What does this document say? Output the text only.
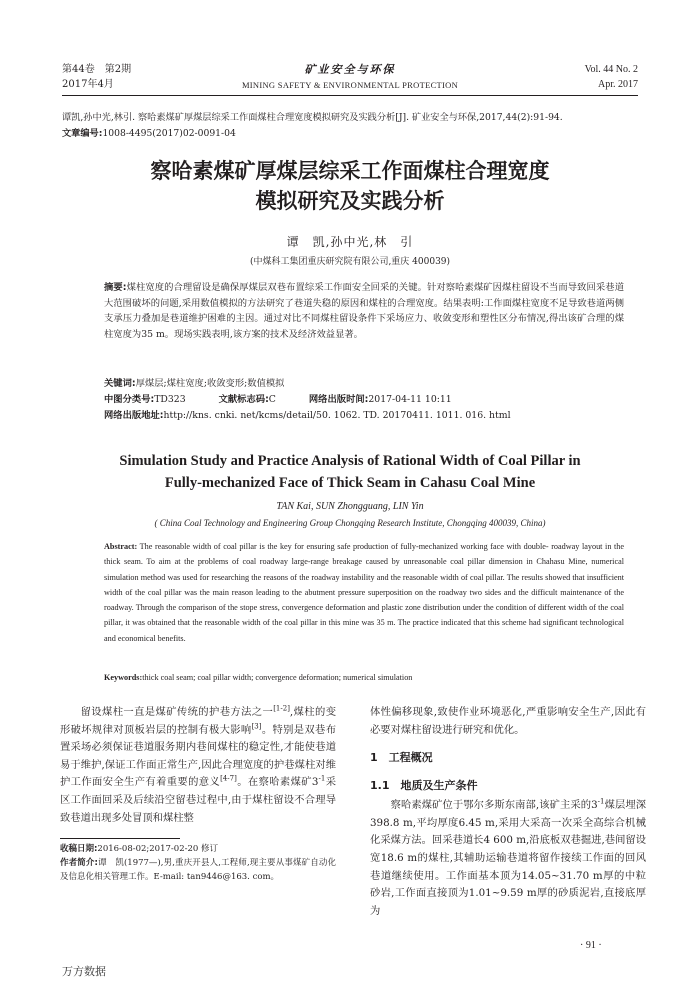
第44卷　第2期
2017年4月
矿业安全与环保
MINING SAFETY & ENVIRONMENTAL PROTECTION
Vol. 44 No. 2
Apr. 2017
谭凯,孙中光,林引. 察哈素煤矿厚煤层综采工作面煤柱合理宽度模拟研究及实践分析[J]. 矿业安全与环保,2017,44(2):91-94.
文章编号:1008-4495(2017)02-0091-04
察哈素煤矿厚煤层综采工作面煤柱合理宽度
模拟研究及实践分析
谭　凯,孙中光,林　引
(中煤科工集团重庆研究院有限公司,重庆 400039)
摘要:煤柱宽度的合理留设是确保厚煤层双巷布置综采工作面安全回采的关键。针对察哈素煤矿因煤柱留设不当而导致回采巷道大范围破坏的问题,采用数值模拟的方法研究了巷道失稳的原因和煤柱的合理宽度。结果表明:工作面煤柱宽度不足导致巷道两侧支承压力叠加是巷道维护困难的主因。通过对比不同煤柱留设条件下采场应力、收敛变形和塑性区分布情况,得出该矿合理的煤柱宽度为35 m。现场实践表明,该方案的技术及经济效益显著。
关键词:厚煤层;煤柱宽度;收敛变形;数值模拟
中图分类号:TD323	文献标志码:C	网络出版时间:2017-04-11 10:11
网络出版地址:http://kns. cnki. net/kcms/detail/50. 1062. TD. 20170411. 1011. 016. html
Simulation Study and Practice Analysis of Rational Width of Coal Pillar in
Fully-mechanized Face of Thick Seam in Cahasu Coal Mine
TAN Kai, SUN Zhongguang, LIN Yin
( China Coal Technology and Engineering Group Chongqing Research Institute, Chongqing 400039, China)
Abstract: The reasonable width of coal pillar is the key for ensuring safe production of fully-mechanized working face with double- roadway layout in the thick seam. To aim at the problems of coal roadway large-range breakage caused by unreasonable coal pillar dimension in Chahasu Mine, numerical simulation method was used for researching the reasons of the roadway instability and the reasonable width of coal pillar. The results showed that insufficient width of the coal pillar was the main reason leading to the abutment pressure superposition on the roadway two sides and the difficult maintenance of the roadway. Through the comparison of the stope stress, convergence deformation and plastic zone distribution under the condition of different width of the coal pillar, it was obtained that the reasonable width of the coal pillar in this mine was 35 m. The practice indicated that this scheme had significant technological and economical benefits.
Keywords:thick coal seam; coal pillar width; convergence deformation; numerical simulation

留设煤柱一直是煤矿传统的护巷方法之一[1-2],煤柱的变形破坏规律对顶板岩层的控制有极大影响[3]。特别是双巷布置采场必须保证巷道服务期内巷间煤柱的稳定性,才能使巷道易于维护,保证工作面正常生产,因此合理宽度的护巷煤柱对维护工作面安全生产有着重要的意义[4-7]。在察哈素煤矿$3^{-1}$采区工作面回采及后续沿空留巷过程中,由于煤柱留设不合理导致巷道出现多处冒顶和煤柱整

收稿日期:2016-08-02;2017-02-20 修订
作者简介:谭　凯(1977—),男,重庆开县人,工程师,现主要从事煤矿自动化及信息化相关管理工作。E-mail: tan9446@163. com。

体性偏移现象,致使作业环境恶化,严重影响安全生产,因此有必要对煤柱留设进行研究和优化。

1　工程概况
1.1　地质及生产条件

察哈素煤矿位于鄂尔多斯东南部,该矿主采的$3^{-1}$煤层埋深398.8 m,平均厚度6.45 m,采用大采高一次采全高综合机械化采煤方法。回采巷道长4 600 m,沿底板双巷掘进,巷间留设宽18.6 m的煤柱,其辅助运输巷道将留作接续工作面的回风巷道继续使用。工作面基本顶为14.05~31.70 m厚的中粒砂岩,工作面直接顶为1.01~9.59 m厚的砂质泥岩,直接底厚为

· 91 ·
万方数据
